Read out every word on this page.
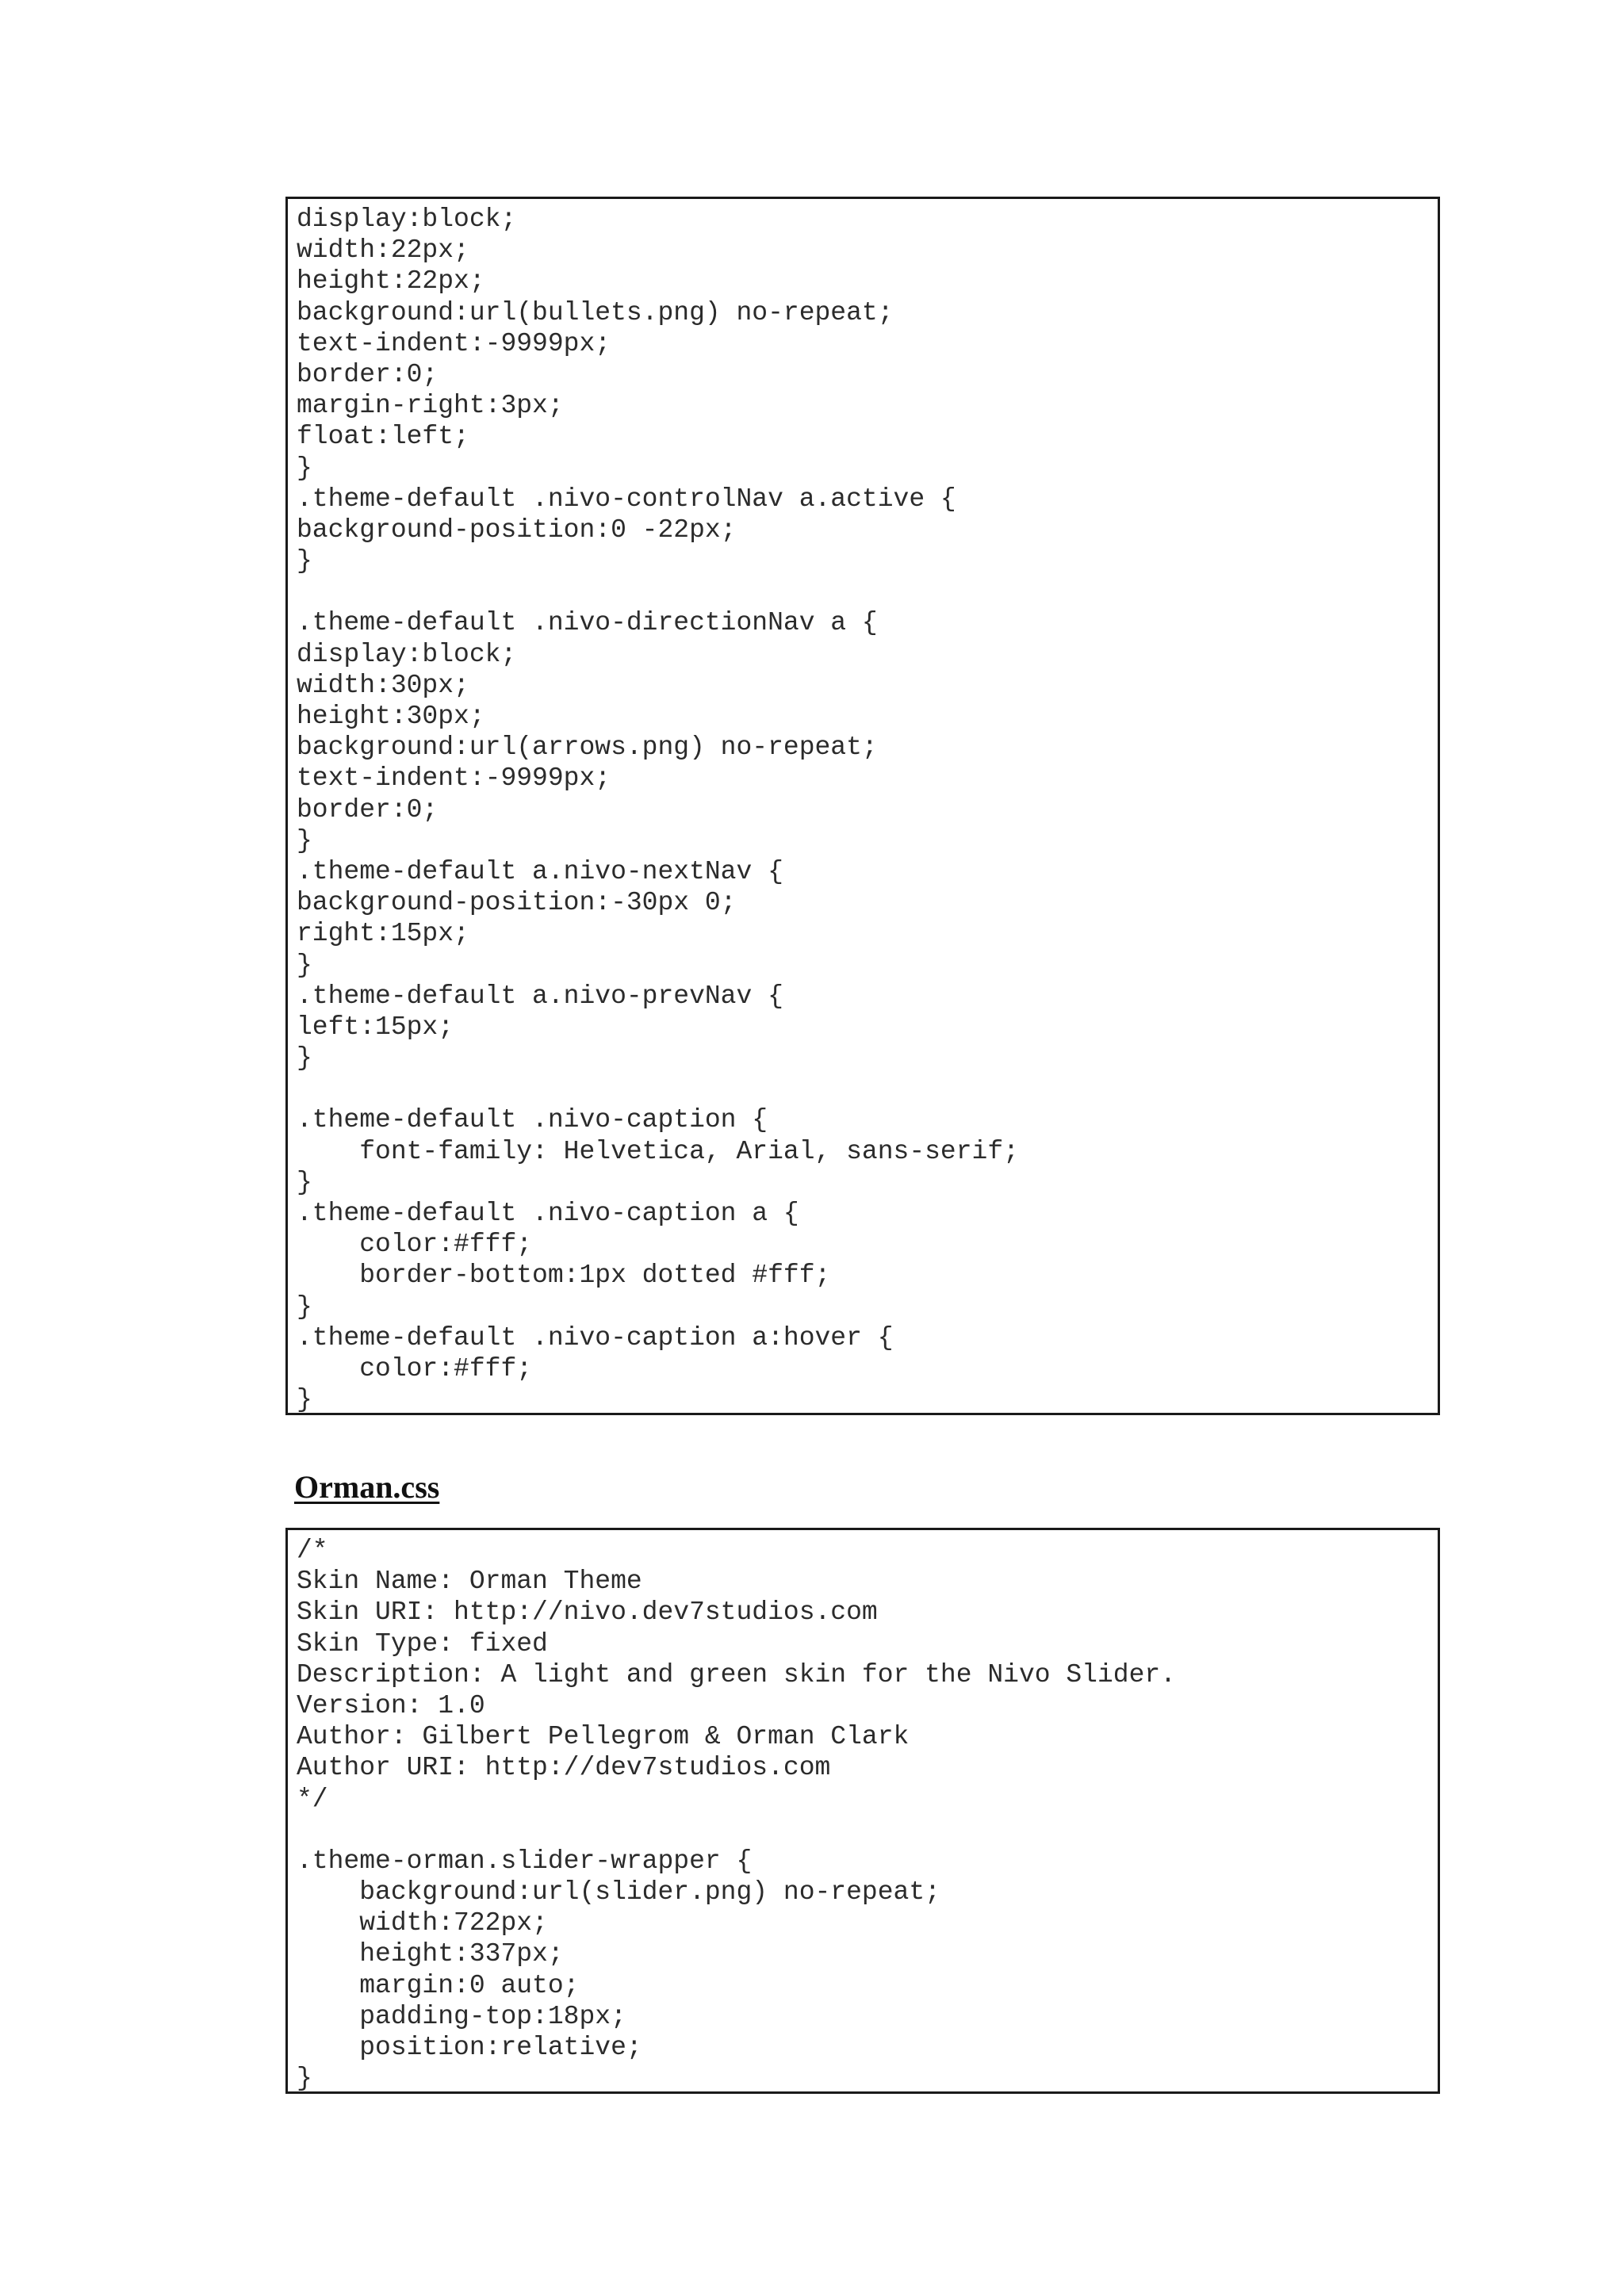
display:block;
width:22px;
height:22px;
background:url(bullets.png) no-repeat;
text-indent:-9999px;
border:0;
margin-right:3px;
float:left;
}
.theme-default .nivo-controlNav a.active {
background-position:0 -22px;
}
.theme-default .nivo-directionNav a {
display:block;
width:30px;
height:30px;
background:url(arrows.png) no-repeat;
text-indent:-9999px;
border:0;
}
.theme-default a.nivo-nextNav {
background-position:-30px 0;
right:15px;
}
.theme-default a.nivo-prevNav {
left:15px;
}
.theme-default .nivo-caption {
font-family: Helvetica, Arial, sans-serif;
}
.theme-default .nivo-caption a {
color:#fff;
border-bottom:1px dotted #fff;
}
.theme-default .nivo-caption a:hover {
color:#fff;
}
Orman.css
/*
Skin Name: Orman Theme
Skin URI: http://nivo.dev7studios.com
Skin Type: fixed
Description: A light and green skin for the Nivo Slider.
Version: 1.0
Author: Gilbert Pellegrom & Orman Clark
Author URI: http://dev7studios.com
*/
.theme-orman.slider-wrapper {
background:url(slider.png) no-repeat;
width:722px;
height:337px;
margin:0 auto;
padding-top:18px;
position:relative;
}
